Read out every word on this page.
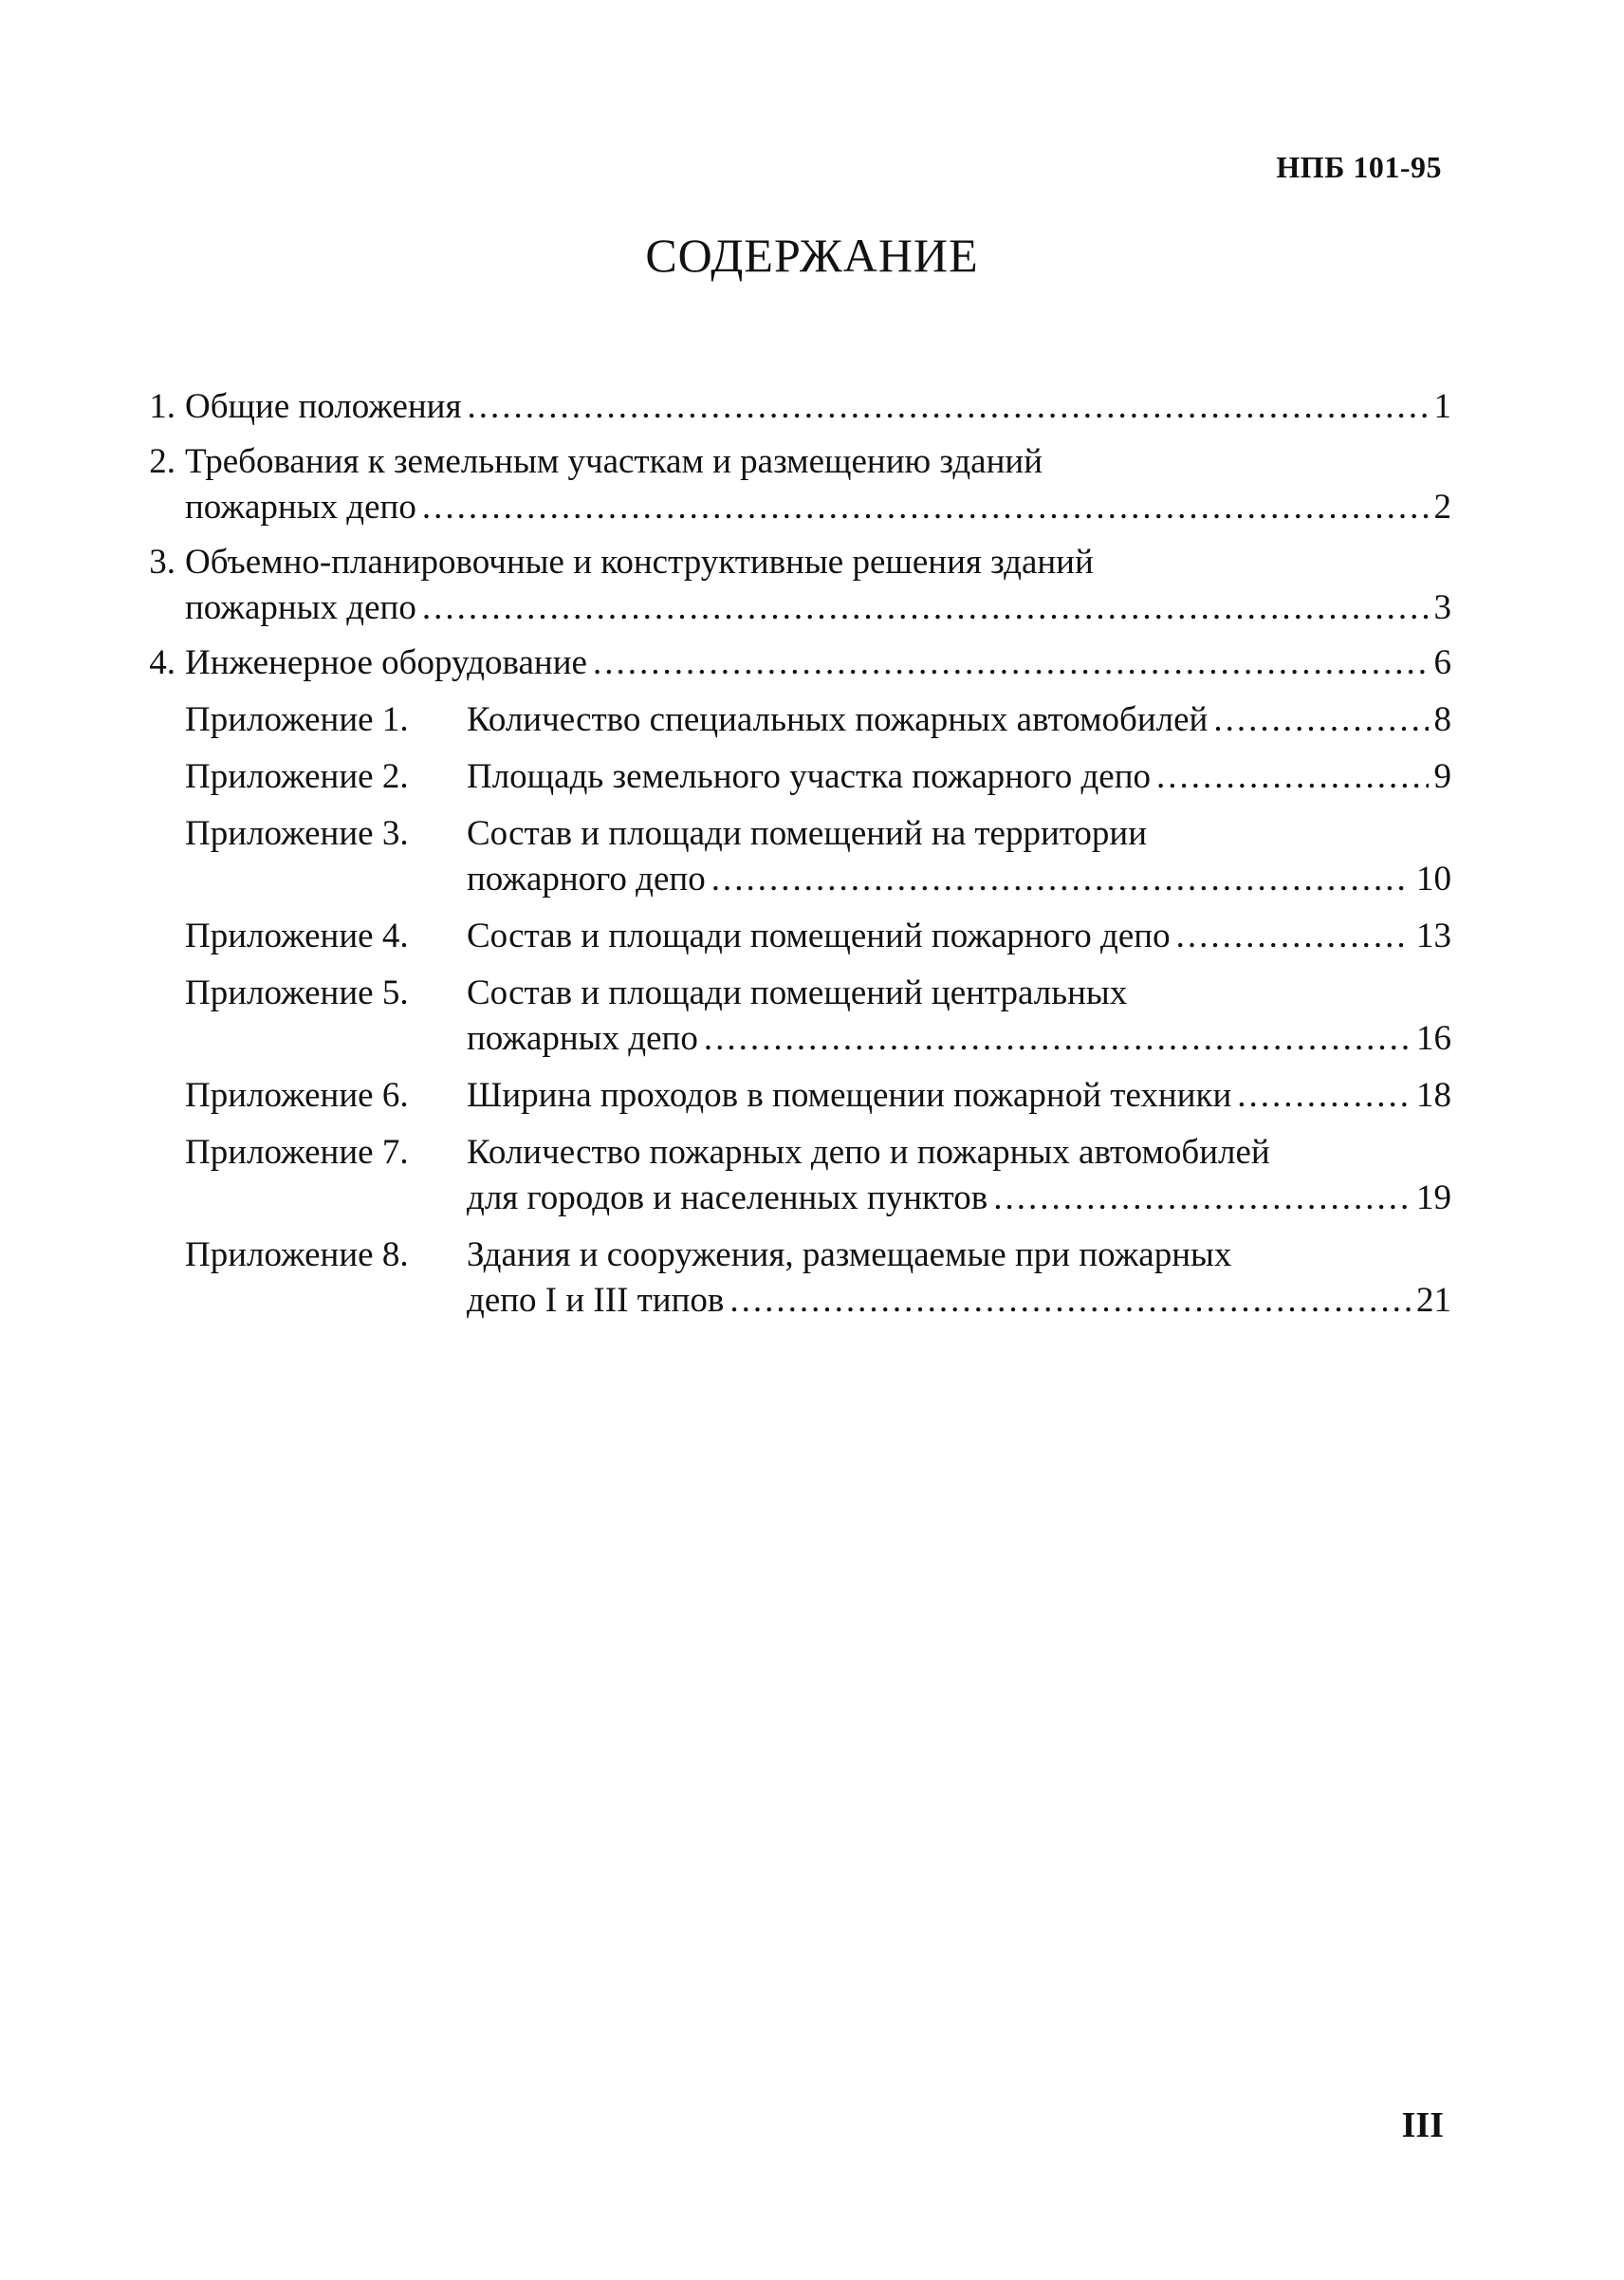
НПБ 101-95
СОДЕРЖАНИЕ
1. Общие положения .....	1
2. Требования к земельным участкам и размещению зданий
пожарных депо .....	2
3. Объемно-планировочные и конструктивные решения зданий
пожарных депо .....	3
4. Инженерное оборудование .....	6
Приложение 1.	Количество специальных пожарных автомобилей .....	8
Приложение 2.	Площадь земельного участка пожарного депо .....	9
Приложение 3.	Состав и площади помещений на территории
пожарного депо .....	10
Приложение 4.	Состав и площади помещений пожарного депо .....	13
Приложение 5.	Состав и площади помещений центральных
пожарных депо .....	16
Приложение 6.	Ширина проходов в помещении пожарной техники .....	18
Приложение 7.	Количество пожарных депо и пожарных автомобилей
для городов и населенных пунктов .....	19
Приложение 8.	Здания и сооружения, размещаемые при пожарных
депо I и III типов .....	21
III
